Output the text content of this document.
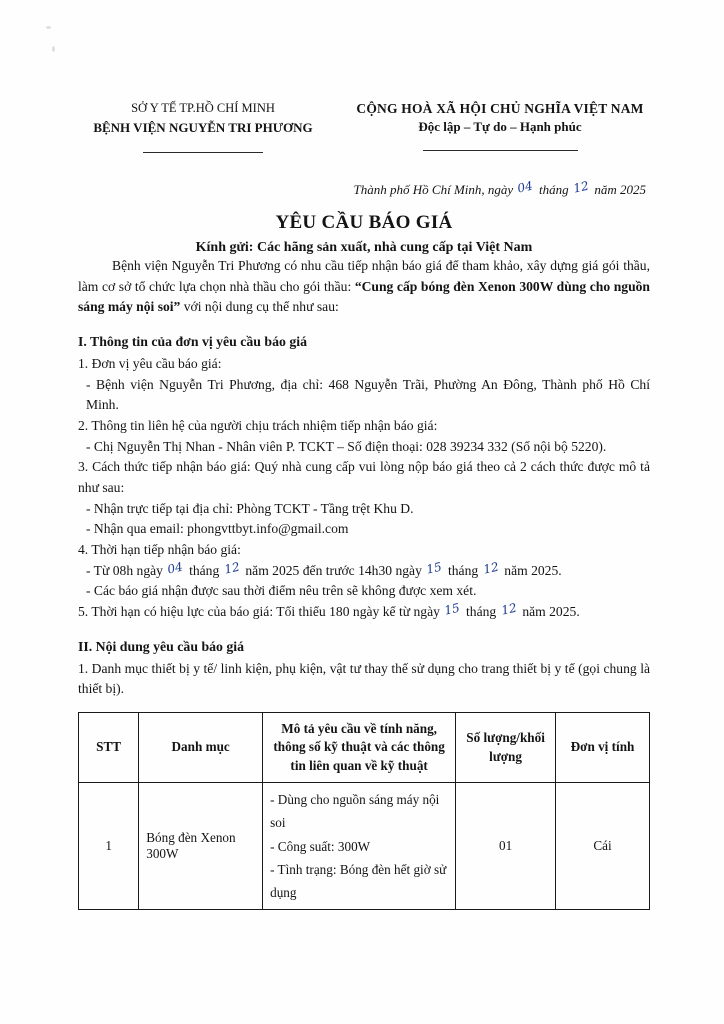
SỞ Y TẾ TP.HỒ CHÍ MINH
BỆNH VIỆN NGUYỄN TRI PHƯƠNG
CỘNG HOÀ XÃ HỘI CHỦ NGHĨA VIỆT NAM
Độc lập – Tự do – Hạnh phúc
Thành phố Hồ Chí Minh, ngày 04 tháng 12 năm 2025
YÊU CẦU BÁO GIÁ
Kính gửi: Các hãng sản xuất, nhà cung cấp tại Việt Nam

Bệnh viện Nguyễn Tri Phương có nhu cầu tiếp nhận báo giá để tham khảo, xây dựng giá gói thầu, làm cơ sở tổ chức lựa chọn nhà thầu cho gói thầu: “Cung cấp bóng đèn Xenon 300W dùng cho nguồn sáng máy nội soi” với nội dung cụ thể như sau:

I. Thông tin của đơn vị yêu cầu báo giá

1. Đơn vị yêu cầu báo giá:

- Bệnh viện Nguyễn Tri Phương, địa chỉ: 468 Nguyễn Trãi, Phường An Đông, Thành phố Hồ Chí Minh.

2. Thông tin liên hệ của người chịu trách nhiệm tiếp nhận báo giá:

- Chị Nguyễn Thị Nhan - Nhân viên P. TCKT – Số điện thoại: 028 39234 332 (Số nội bộ 5220).

3. Cách thức tiếp nhận báo giá: Quý nhà cung cấp vui lòng nộp báo giá theo cả 2 cách thức được mô tả như sau:

- Nhận trực tiếp tại địa chỉ: Phòng TCKT - Tầng trệt Khu D.

- Nhận qua email: phongvttbyt.info@gmail.com

4. Thời hạn tiếp nhận báo giá:

- Từ 08h ngày 04 tháng 12 năm 2025 đến trước 14h30 ngày 15 tháng 12 năm 2025.

- Các báo giá nhận được sau thời điểm nêu trên sẽ không được xem xét.

5. Thời hạn có hiệu lực của báo giá: Tối thiểu 180 ngày kể từ ngày 15 tháng 12 năm 2025.

II. Nội dung yêu cầu báo giá

1. Danh mục thiết bị y tế/ linh kiện, phụ kiện, vật tư thay thế sử dụng cho trang thiết bị y tế (gọi chung là thiết bị).

STT	Danh mục	Mô tả yêu cầu về tính năng, thông số kỹ thuật và các thông tin liên quan về kỹ thuật	Số lượng/khối lượng	Đơn vị tính
1	Bóng đèn Xenon 300W	- Dùng cho nguồn sáng máy nội soi
- Công suất: 300W
- Tình trạng: Bóng đèn hết giờ sử dụng	01	Cái
